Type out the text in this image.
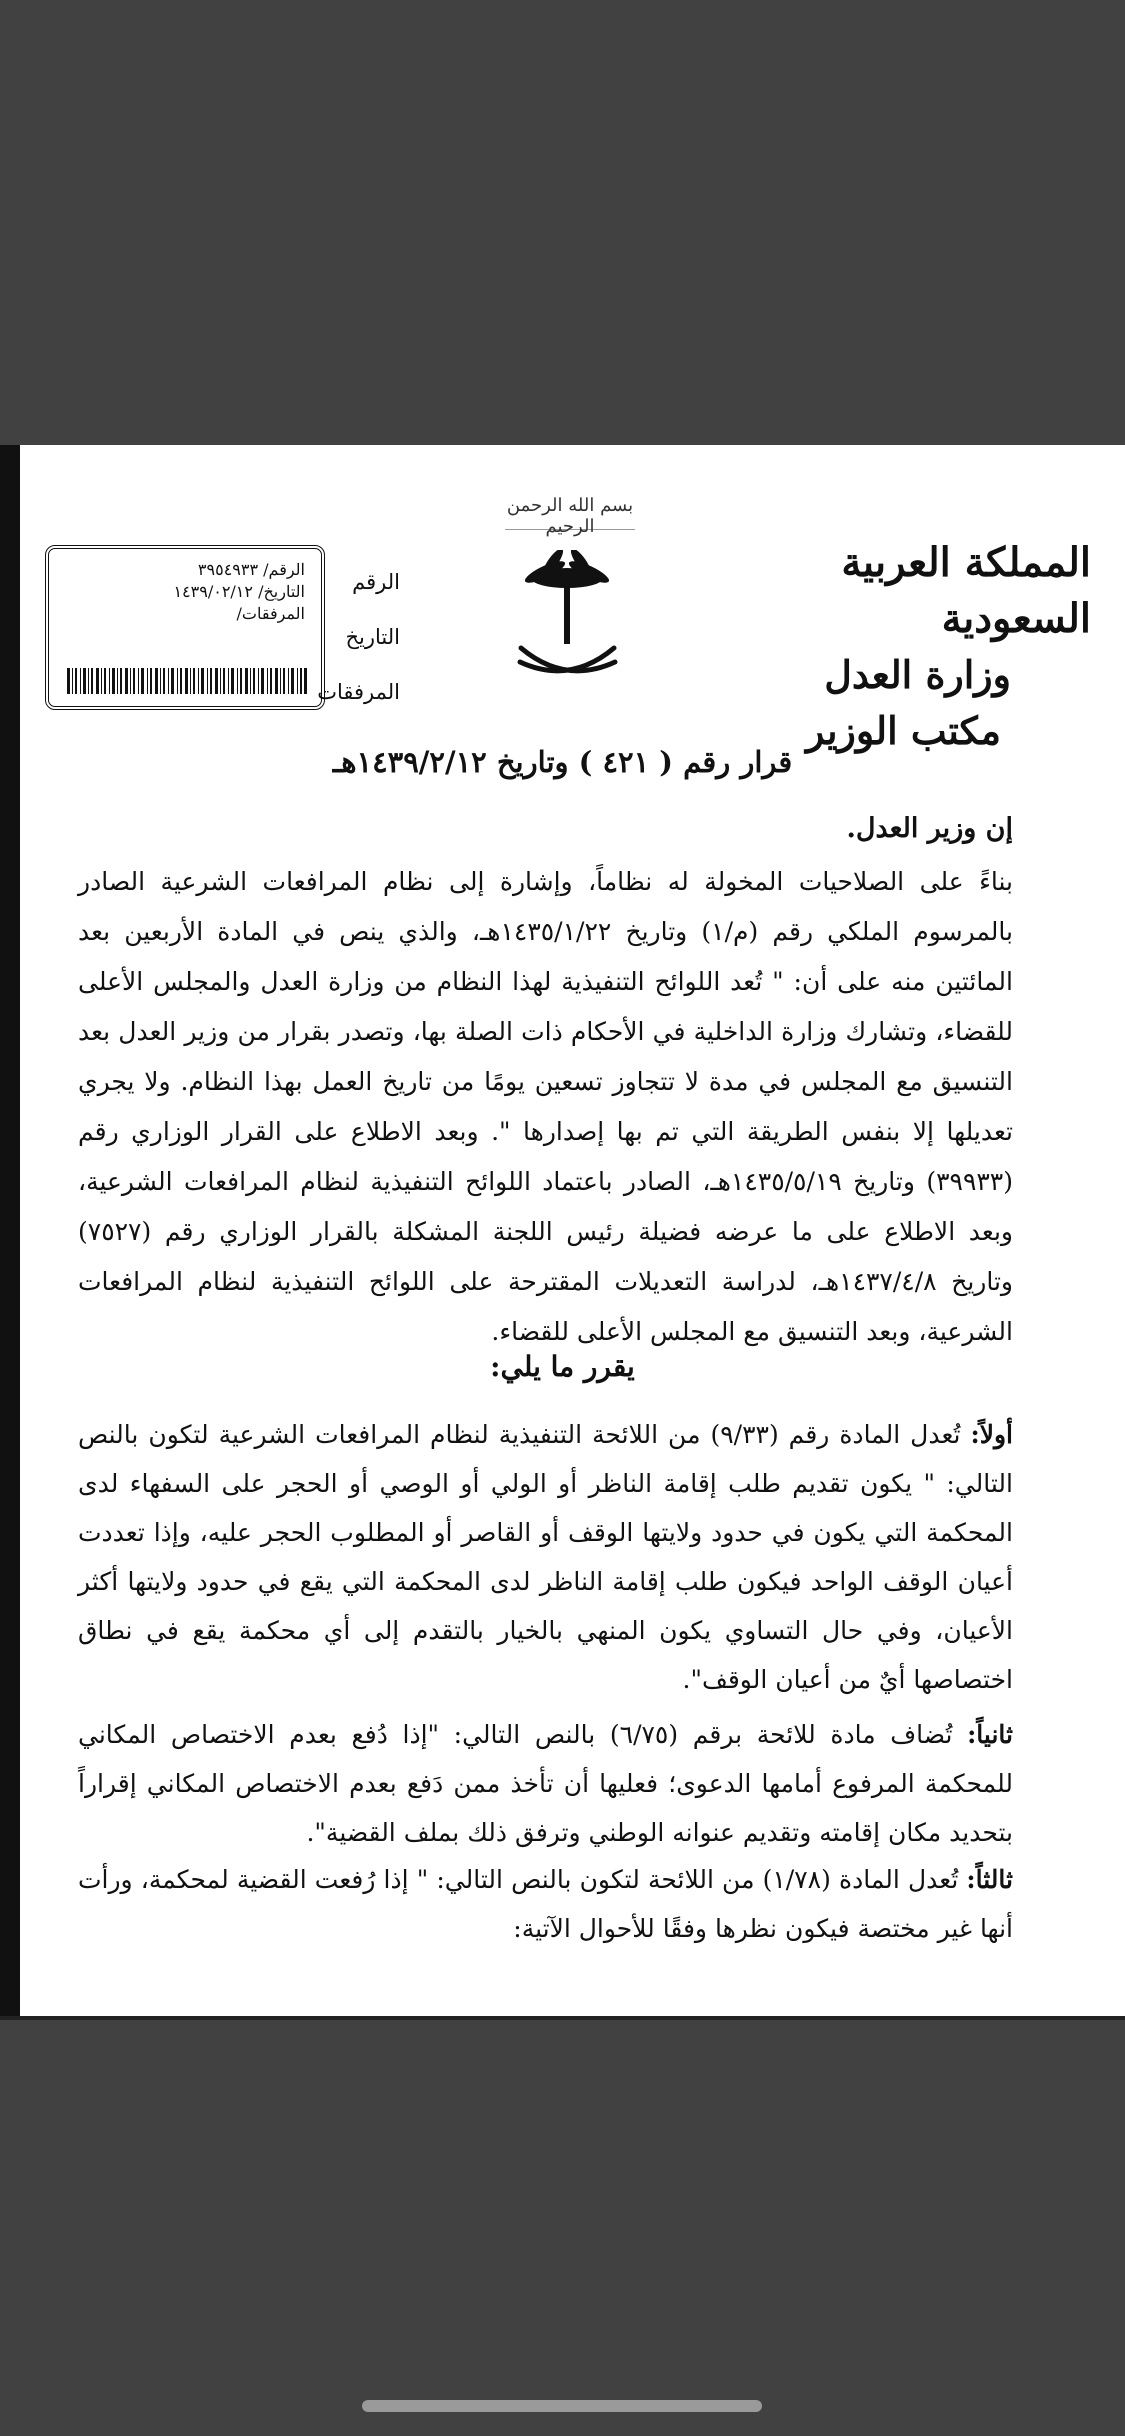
بسم الله الرحمن الرحيم
المملكة العربية السعودية
وزارة العدل
مكتب الوزير
الرقم
التاريخ
المرفقات
الرقم/ ٣٩٥٤٩٣٣
التاريخ/ ١٤٣٩/٠٢/١٢
المرفقات/
قرار رقم ( ٤٢١ ) وتاريخ ١٤٣٩/٢/١٢هـ
إن وزير العدل.
بناءً على الصلاحيات المخولة له نظاماً، وإشارة إلى نظام المرافعات الشرعية الصادر بالمرسوم الملكي رقم (م/١) وتاريخ ١٤٣٥/١/٢٢هـ، والذي ينص في المادة الأربعين بعد المائتين منه على أن: " تُعد اللوائح التنفيذية لهذا النظام من وزارة العدل والمجلس الأعلى للقضاء، وتشارك وزارة الداخلية في الأحكام ذات الصلة بها، وتصدر بقرار من وزير العدل بعد التنسيق مع المجلس في مدة لا تتجاوز تسعين يومًا من تاريخ العمل بهذا النظام. ولا يجري تعديلها إلا بنفس الطريقة التي تم بها إصدارها ". وبعد الاطلاع على القرار الوزاري رقم (٣٩٩٣٣) وتاريخ ١٤٣٥/٥/١٩هـ، الصادر باعتماد اللوائح التنفيذية لنظام المرافعات الشرعية، وبعد الاطلاع على ما عرضه فضيلة رئيس اللجنة المشكلة بالقرار الوزاري رقم (٧٥٢٧) وتاريخ ١٤٣٧/٤/٨هـ، لدراسة التعديلات المقترحة على اللوائح التنفيذية لنظام المرافعات الشرعية، وبعد التنسيق مع المجلس الأعلى للقضاء.
يقرر ما يلي:
أولاً: تُعدل المادة رقم (٩/٣٣) من اللائحة التنفيذية لنظام المرافعات الشرعية لتكون بالنص التالي: " يكون تقديم طلب إقامة الناظر أو الولي أو الوصي أو الحجر على السفهاء لدى المحكمة التي يكون في حدود ولايتها الوقف أو القاصر أو المطلوب الحجر عليه، وإذا تعددت أعيان الوقف الواحد فيكون طلب إقامة الناظر لدى المحكمة التي يقع في حدود ولايتها أكثر الأعيان، وفي حال التساوي يكون المنهي بالخيار بالتقدم إلى أي محكمة يقع في نطاق اختصاصها أيٌ من أعيان الوقف".
ثانياً: تُضاف مادة للائحة برقم (٦/٧٥) بالنص التالي: "إذا دُفع بعدم الاختصاص المكاني للمحكمة المرفوع أمامها الدعوى؛ فعليها أن تأخذ ممن دَفع بعدم الاختصاص المكاني إقراراً بتحديد مكان إقامته وتقديم عنوانه الوطني وترفق ذلك بملف القضية".
ثالثاً: تُعدل المادة (١/٧٨) من اللائحة لتكون بالنص التالي: " إذا رُفعت القضية لمحكمة، ورأت أنها غير مختصة فيكون نظرها وفقًا للأحوال الآتية:
